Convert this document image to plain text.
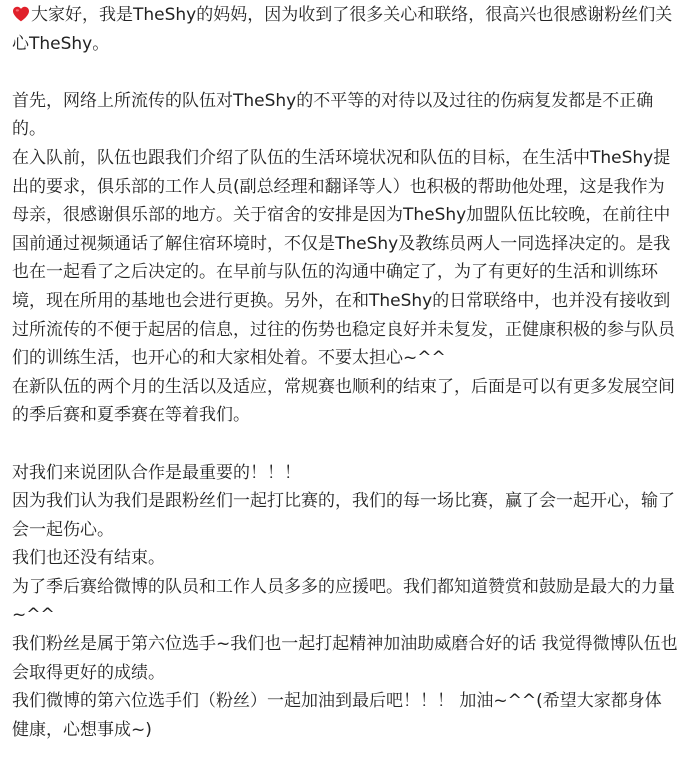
大家好，我是TheShy的妈妈，因为收到了很多关心和联络，很高兴也很感谢粉丝们关心TheShy。

首先，网络上所流传的队伍对TheShy的不平等的对待以及过往的伤病复发都是不正确的。

在入队前，队伍也跟我们介绍了队伍的生活环境状况和队伍的目标，在生活中TheShy提出的要求，俱乐部的工作人员(副总经理和翻译等人）也积极的帮助他处理，这是我作为母亲，很感谢俱乐部的地方。关于宿舍的安排是因为TheShy加盟队伍比较晚，在前往中国前通过视频通话了解住宿环境时，不仅是TheShy及教练员两人一同选择决定的。是我也在一起看了之后决定的。在早前与队伍的沟通中确定了，为了有更好的生活和训练环境，现在所用的基地也会进行更换。另外，在和TheShy的日常联络中，也并没有接收到过所流传的不便于起居的信息，过往的伤势也稳定良好并未复发，正健康积极的参与队员们的训练生活，也开心的和大家相处着。不要太担心~^^

在新队伍的两个月的生活以及适应，常规赛也顺利的结束了，后面是可以有更多发展空间的季后赛和夏季赛在等着我们。

对我们来说团队合作是最重要的！！！

因为我们认为我们是跟粉丝们一起打比赛的，我们的每一场比赛，赢了会一起开心，输了会一起伤心。

我们也还没有结束。

为了季后赛给微博的队员和工作人员多多的应援吧。我们都知道赞赏和鼓励是最大的力量~^^

我们粉丝是属于第六位选手~我们也一起打起精神加油助威磨合好的话 我觉得微博队伍也会取得更好的成绩。

我们微博的第六位选手们（粉丝）一起加油到最后吧！！！ 加油~^^(希望大家都身体健康，心想事成~)
